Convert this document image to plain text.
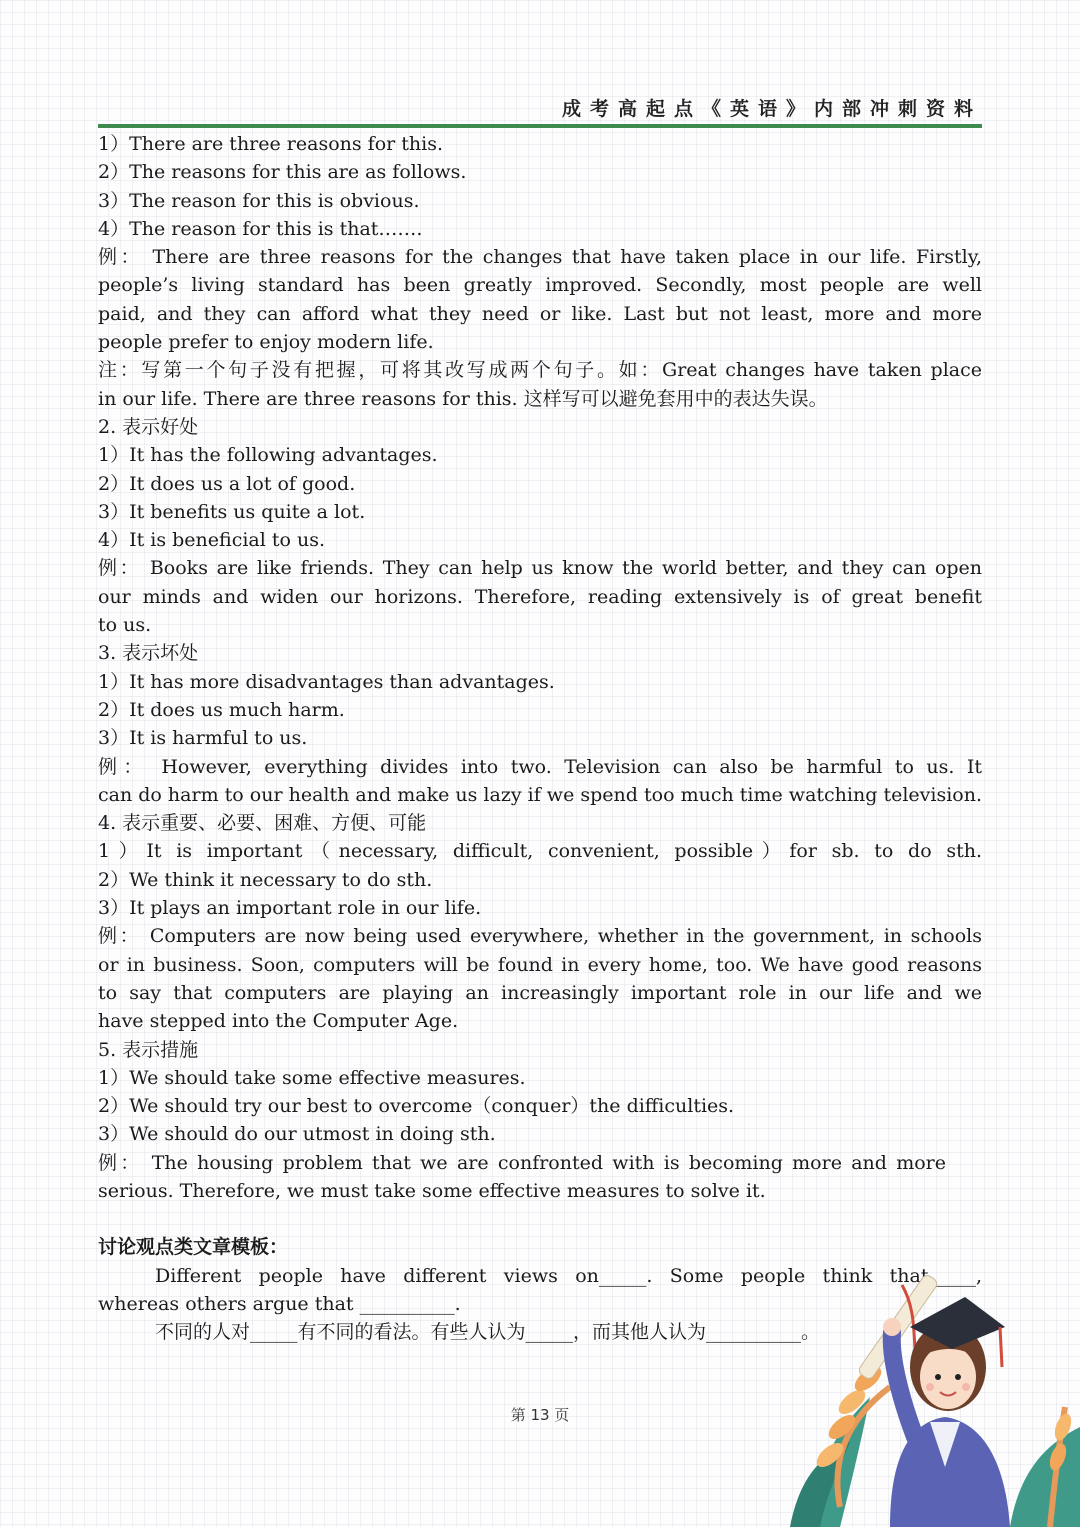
成考高起点《英语》内部冲刺资料
1）There are three reasons for this.
2）The reasons for this are as follows.
3）The reason for this is obvious.
4）The reason for this is that…….
例： There are three reasons for the changes that have taken place in our life. Firstly,
people’s living standard has been greatly improved. Secondly, most people are well
paid, and they can afford what they need or like. Last but not least, more and more
people prefer to enjoy modern life.
注：写第一个句子没有把握，可将其改写成两个句子。如：Great changes have taken place
in our life. There are three reasons for this. 这样写可以避免套用中的表达失误。
2. 表示好处
1）It has the following advantages.
2）It does us a lot of good.
3）It benefits us quite a lot.
4）It is beneficial to us.
例： Books are like friends. They can help us know the world better, and they can open
our minds and widen our horizons. Therefore, reading extensively is of great benefit
to us.
3. 表示坏处
1）It has more disadvantages than advantages.
2）It does us much harm.
3）It is harmful to us.
例： However, everything divides into two. Television can also be harmful to us. It
can do harm to our health and make us lazy if we spend too much time watching television.
4. 表示重要、必要、困难、方便、可能
1）It is important（necessary, difficult, convenient, possible）for sb. to do sth.
2）We think it necessary to do sth.
3）It plays an important role in our life.
例： Computers are now being used everywhere, whether in the government, in schools
or in business. Soon, computers will be found in every home, too. We have good reasons
to say that computers are playing an increasingly important role in our life and we
have stepped into the Computer Age.
5. 表示措施
1）We should take some effective measures.
2）We should try our best to overcome（conquer）the difficulties.
3）We should do our utmost in doing sth.
例： The housing problem that we are confronted with is becoming more and more
serious. Therefore, we must take some effective measures to solve it.
讨论观点类文章模板：
Different people have different views on_____. Some people think that_____,
whereas others argue that __________.
不同的人对_____有不同的看法。有些人认为_____，而其他人认为__________。
第 13 页
